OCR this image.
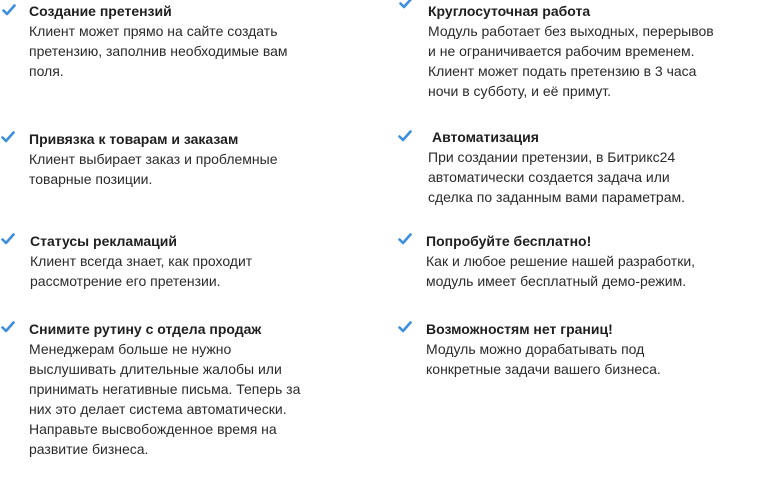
Создание претензий
Клиент может прямо на сайте создать
претензию, заполнив необходимые вам
поля.
Привязка к товарам и заказам
Клиент выбирает заказ и проблемные
товарные позиции.
Статусы рекламаций
Клиент всегда знает, как проходит
рассмотрение его претензии.
Снимите рутину с отдела продаж
Менеджерам больше не нужно
выслушивать длительные жалобы или
принимать негативные письма. Теперь за
них это делает система автоматически.
Направьте высвобожденное время на
развитие бизнеса.
Круглосуточная работа
Модуль работает без выходных, перерывов
и не ограничивается рабочим временем.
Клиент может подать претензию в 3 часа
ночи в субботу, и её примут.
Автоматизация
При создании претензии, в Битрикс24
автоматически создается задача или
сделка по заданным вами параметрам.
Попробуйте бесплатно!
Как и любое решение нашей разработки,
модуль имеет бесплатный демо-режим.
Возможностям нет границ!
Модуль можно дорабатывать под
конкретные задачи вашего бизнеса.
